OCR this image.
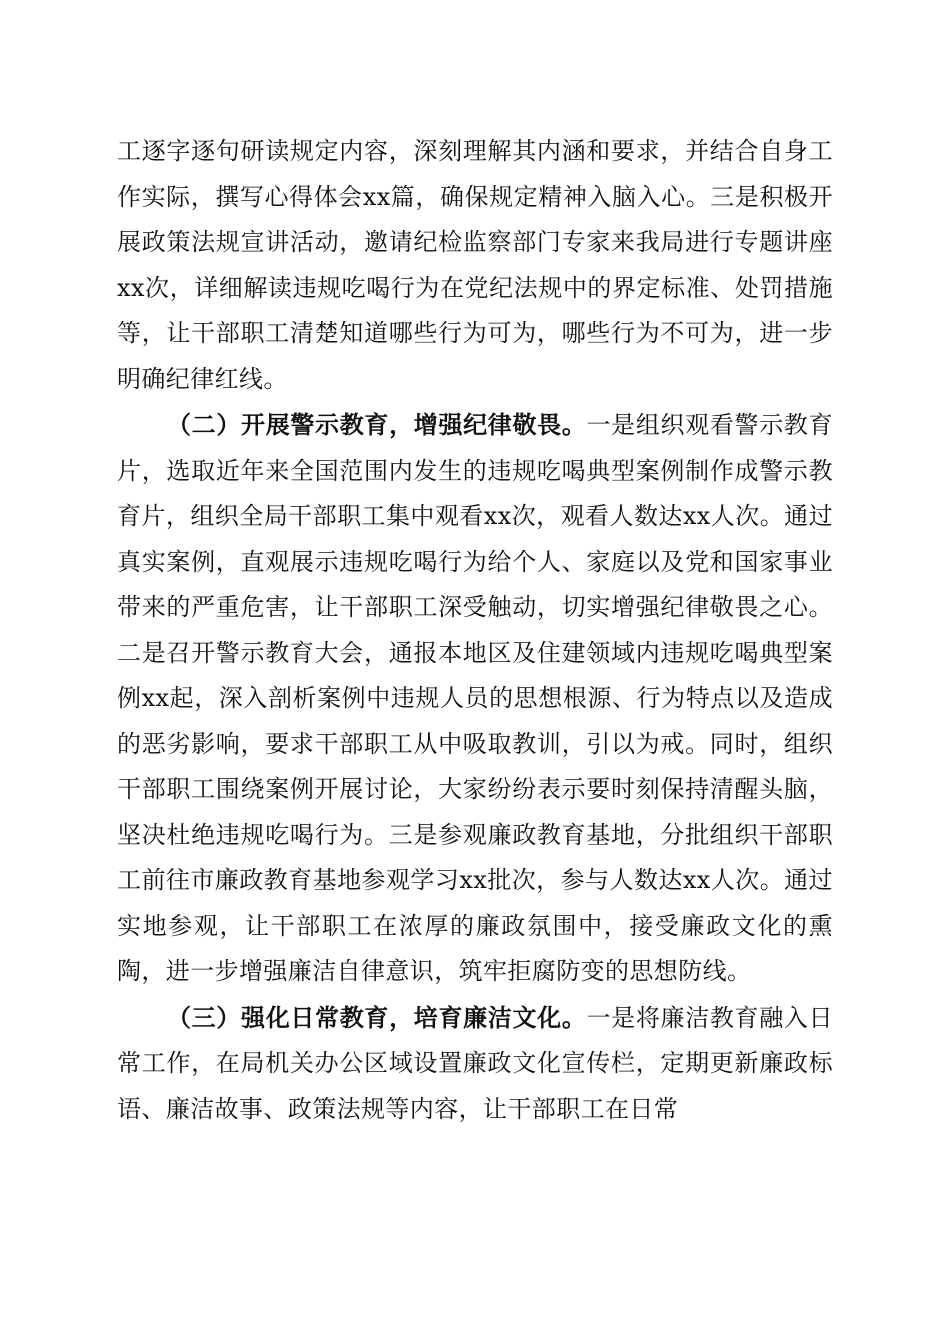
工逐字逐句研读规定内容，深刻理解其内涵和要求，并结合自身工作实际，撰写心得体会xx篇，确保规定精神入脑入心。三是积极开展政策法规宣讲活动，邀请纪检监察部门专家来我局进行专题讲座xx次，详细解读违规吃喝行为在党纪法规中的界定标准、处罚措施等，让干部职工清楚知道哪些行为可为，哪些行为不可为，进一步明确纪律红线。

（二）开展警示教育，增强纪律敬畏。一是组织观看警示教育片，选取近年来全国范围内发生的违规吃喝典型案例制作成警示教育片，组织全局干部职工集中观看xx次，观看人数达xx人次。通过真实案例，直观展示违规吃喝行为给个人、家庭以及党和国家事业带来的严重危害，让干部职工深受触动，切实增强纪律敬畏之心。二是召开警示教育大会，通报本地区及住建领域内违规吃喝典型案例xx起，深入剖析案例中违规人员的思想根源、行为特点以及造成的恶劣影响，要求干部职工从中吸取教训，引以为戒。同时，组织干部职工围绕案例开展讨论，大家纷纷表示要时刻保持清醒头脑，坚决杜绝违规吃喝行为。三是参观廉政教育基地，分批组织干部职工前往市廉政教育基地参观学习xx批次，参与人数达xx人次。通过实地参观，让干部职工在浓厚的廉政氛围中，接受廉政文化的熏陶，进一步增强廉洁自律意识，筑牢拒腐防变的思想防线。

（三）强化日常教育，培育廉洁文化。一是将廉洁教育融入日常工作，在局机关办公区域设置廉政文化宣传栏，定期更新廉政标语、廉洁故事、政策法规等内容，让干部职工在日常
